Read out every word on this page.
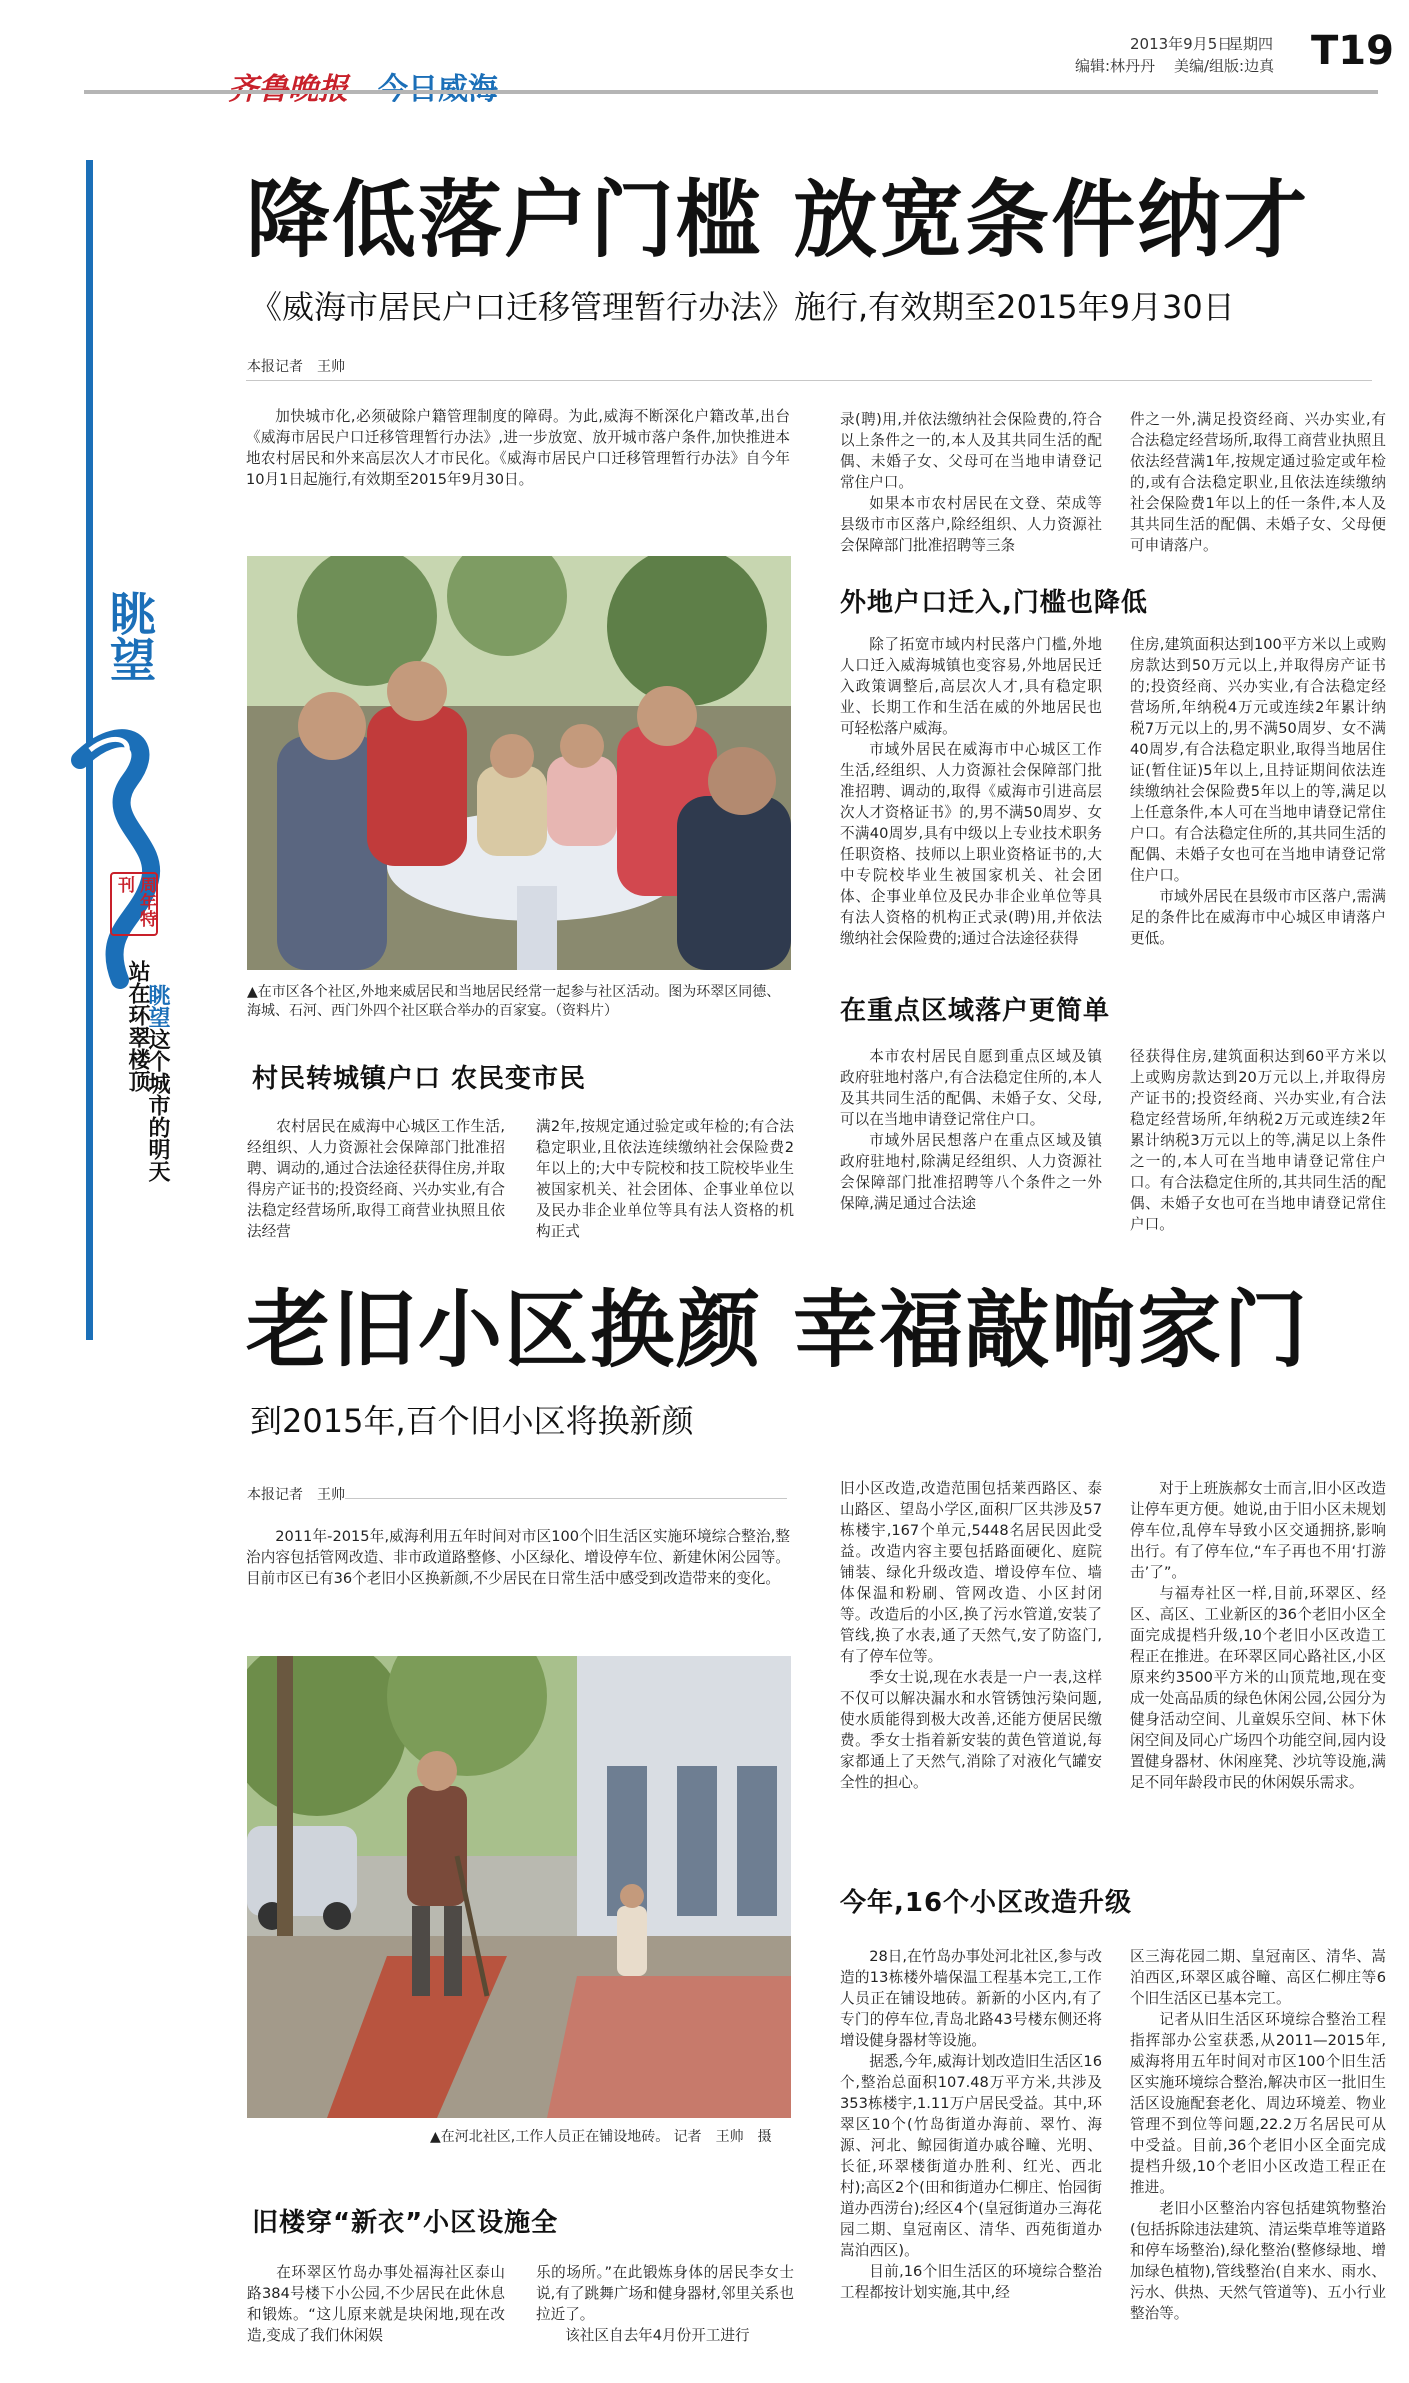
2013年9月5日
星期四
编辑:林丹丹 美编/组版:边真 T19
眺望
周年特刊
站在环翠楼顶
眺望这个城市的明天
降低落户门槛 放宽条件纳才
《威海市居民户口迁移管理暂行办法》施行,有效期至2015年9月30日
本报记者　王帅

加快城市化,必须破除户籍管理制度的障碍。为此,威海不断深化户籍改革,出台《威海市居民户口迁移管理暂行办法》,进一步放宽、放开城市落户条件,加快推进本地农村居民和外来高层次人才市民化。《威海市居民户口迁移管理暂行办法》自今年10月1日起施行,有效期至2015年9月30日。

▲在市区各个社区,外地来威居民和当地居民经常一起参与社区活动。图为环翠区同德、海城、石河、西门外四个社区联合举办的百家宴。（资料片）
村民转城镇户口 农民变市民

农村居民在威海中心城区工作生活,经组织、人力资源社会保障部门批准招聘、调动的,通过合法途径获得住房,并取得房产证书的;投资经商、兴办实业,有合法稳定经营场所,取得工商营业执照且依法经营

满2年,按规定通过验定或年检的;有合法稳定职业,且依法连续缴纳社会保险费2年以上的;大中专院校和技工院校毕业生被国家机关、社会团体、企事业单位以及民办非企业单位等具有法人资格的机构正式

录(聘)用,并依法缴纳社会保险费的,符合以上条件之一的,本人及其共同生活的配偶、未婚子女、父母可在当地申请登记常住户口。

如果本市农村居民在文登、荣成等县级市市区落户,除经组织、人力资源社会保障部门批准招聘等三条

件之一外,满足投资经商、兴办实业,有合法稳定经营场所,取得工商营业执照且依法经营满1年,按规定通过验定或年检的,或有合法稳定职业,且依法连续缴纳社会保险费1年以上的任一条件,本人及其共同生活的配偶、未婚子女、父母便可申请落户。

外地户口迁入,门槛也降低

除了拓宽市域内村民落户门槛,外地人口迁入威海城镇也变容易,外地居民迁入政策调整后,高层次人才,具有稳定职业、长期工作和生活在威的外地居民也可轻松落户威海。

市域外居民在威海市中心城区工作生活,经组织、人力资源社会保障部门批准招聘、调动的,取得《威海市引进高层次人才资格证书》的,男不满50周岁、女不满40周岁,具有中级以上专业技术职务任职资格、技师以上职业资格证书的,大中专院校毕业生被国家机关、社会团体、企事业单位及民办非企业单位等具有法人资格的机构正式录(聘)用,并依法缴纳社会保险费的;通过合法途径获得

住房,建筑面积达到100平方米以上或购房款达到50万元以上,并取得房产证书的;投资经商、兴办实业,有合法稳定经营场所,年纳税4万元或连续2年累计纳税7万元以上的,男不满50周岁、女不满40周岁,有合法稳定职业,取得当地居住证(暂住证)5年以上,且持证期间依法连续缴纳社会保险费5年以上的等,满足以上任意条件,本人可在当地申请登记常住户口。有合法稳定住所的,其共同生活的配偶、未婚子女也可在当地申请登记常住户口。

市域外居民在县级市市区落户,需满足的条件比在威海市中心城区申请落户更低。

在重点区域落户更简单

本市农村居民自愿到重点区域及镇政府驻地村落户,有合法稳定住所的,本人及其共同生活的配偶、未婚子女、父母,可以在当地申请登记常住户口。

市域外居民想落户在重点区域及镇政府驻地村,除满足经组织、人力资源社会保障部门批准招聘等八个条件之一外保障,满足通过合法途

径获得住房,建筑面积达到60平方米以上或购房款达到20万元以上,并取得房产证书的;投资经商、兴办实业,有合法稳定经营场所,年纳税2万元或连续2年累计纳税3万元以上的等,满足以上条件之一的,本人可在当地申请登记常住户口。有合法稳定住所的,其共同生活的配偶、未婚子女也可在当地申请登记常住户口。

老旧小区换颜 幸福敲响家门
到2015年,百个旧小区将换新颜
本报记者　王帅

2011年-2015年,威海利用五年时间对市区100个旧生活区实施环境综合整治,整治内容包括管网改造、非市政道路整修、小区绿化、增设停车位、新建休闲公园等。目前市区已有36个老旧小区换新颜,不少居民在日常生活中感受到改造带来的变化。

▲在河北社区,工作人员正在铺设地砖。 记者　王帅　摄
旧楼穿“新衣”小区设施全

在环翠区竹岛办事处福海社区泰山路384号楼下小公园,不少居民在此休息和锻炼。“这儿原来就是块闲地,现在改造,变成了我们休闲娱

乐的场所。”在此锻炼身体的居民李女士说,有了跳舞广场和健身器材,邻里关系也拉近了。

该社区自去年4月份开工进行

旧小区改造,改造范围包括莱西路区、泰山路区、望岛小学区,面积厂区共涉及57栋楼宇,167个单元,5448名居民因此受益。改造内容主要包括路面硬化、庭院铺装、绿化升级改造、增设停车位、墙体保温和粉刷、管网改造、小区封闭等。改造后的小区,换了污水管道,安装了管线,换了水表,通了天然气,安了防盗门,有了停车位等。

季女士说,现在水表是一户一表,这样不仅可以解决漏水和水管锈蚀污染问题,使水质能得到极大改善,还能方便居民缴费。季女士指着新安装的黄色管道说,每家都通上了天然气,消除了对液化气罐安全性的担心。

对于上班族郝女士而言,旧小区改造让停车更方便。她说,由于旧小区未规划停车位,乱停车导致小区交通拥挤,影响出行。有了停车位,“车子再也不用‘打游击’了”。

与福寿社区一样,目前,环翠区、经区、高区、工业新区的36个老旧小区全面完成提档升级,10个老旧小区改造工程正在推进。在环翠区同心路社区,小区原来约3500平方米的山顶荒地,现在变成一处高品质的绿色休闲公园,公园分为健身活动空间、儿童娱乐空间、林下休闲空间及同心广场四个功能空间,园内设置健身器材、休闲座凳、沙坑等设施,满足不同年龄段市民的休闲娱乐需求。

今年,16个小区改造升级

28日,在竹岛办事处河北社区,参与改造的13栋楼外墙保温工程基本完工,工作人员正在铺设地砖。新新的小区内,有了专门的停车位,青岛北路43号楼东侧还将增设健身器材等设施。

据悉,今年,威海计划改造旧生活区16个,整治总面积107.48万平方米,共涉及353栋楼宇,1.11万户居民受益。其中,环翠区10个(竹岛街道办海前、翠竹、海源、河北、鲸园街道办戚谷疃、光明、长征,环翠楼街道办胜利、红光、西北村);高区2个(田和街道办仁柳庄、怡园街道办西涝台);经区4个(皇冠街道办三海花园二期、皇冠南区、清华、西苑街道办嵩泊西区)。

目前,16个旧生活区的环境综合整治工程都按计划实施,其中,经

区三海花园二期、皇冠南区、清华、嵩泊西区,环翠区戚谷疃、高区仁柳庄等6个旧生活区已基本完工。

记者从旧生活区环境综合整治工程指挥部办公室获悉,从2011—2015年,威海将用五年时间对市区100个旧生活区实施环境综合整治,解决市区一批旧生活区设施配套老化、周边环境差、物业管理不到位等问题,22.2万名居民可从中受益。目前,36个老旧小区全面完成提档升级,10个老旧小区改造工程正在推进。

老旧小区整治内容包括建筑物整治(包括拆除违法建筑、清运柴草堆等道路和停车场整治),绿化整治(整修绿地、增加绿色植物),管线整治(自来水、雨水、污水、供热、天然气管道等)、五小行业整治等。
